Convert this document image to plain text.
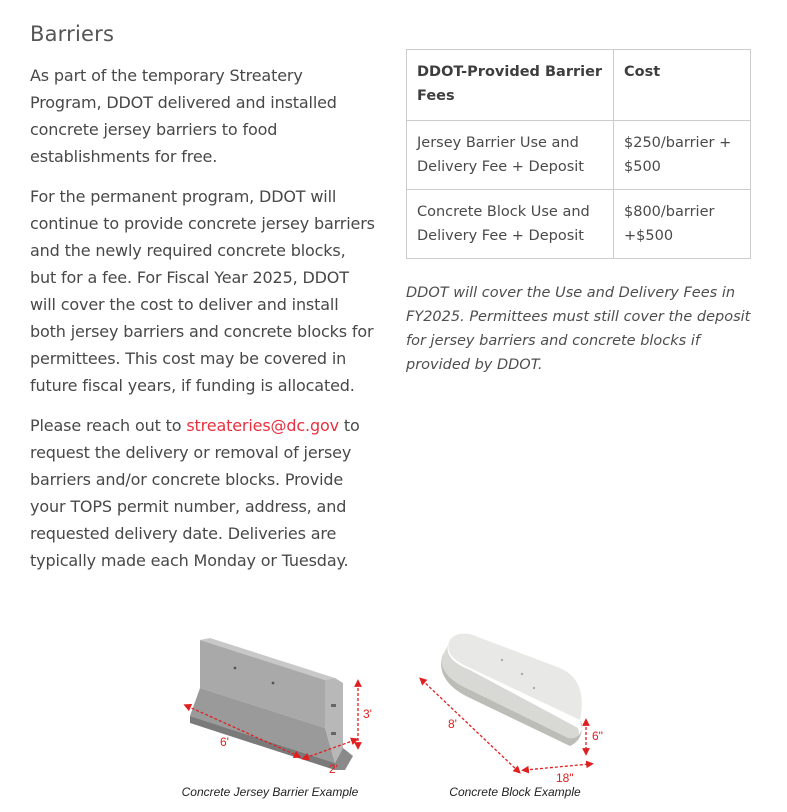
Barriers

As part of the temporary Streatery Program, DDOT delivered and installed concrete jersey barriers to food establishments for free.

For the permanent program, DDOT will continue to provide concrete jersey barriers and the newly required concrete blocks, but for a fee. For Fiscal Year 2025, DDOT will cover the cost to deliver and install both jersey barriers and concrete blocks for permittees. This cost may be covered in future fiscal years, if funding is allocated.

Please reach out to streateries@dc.gov to request the delivery or removal of jersey barriers and/or concrete blocks. Provide your TOPS permit number, address, and requested delivery date. Deliveries are typically made each Monday or Tuesday.

DDOT-Provided Barrier Fees	Cost
Jersey Barrier Use and Delivery Fee + Deposit	$250/barrier + $500
Concrete Block Use and Delivery Fee + Deposit	$800/barrier +$500

DDOT will cover the Use and Delivery Fees in FY2025. Permittees must still cover the deposit for jersey barriers and concrete blocks if provided by DDOT.

6'
2'
3'
Concrete Jersey Barrier Example
8'
18"
6"
Concrete Block Example
